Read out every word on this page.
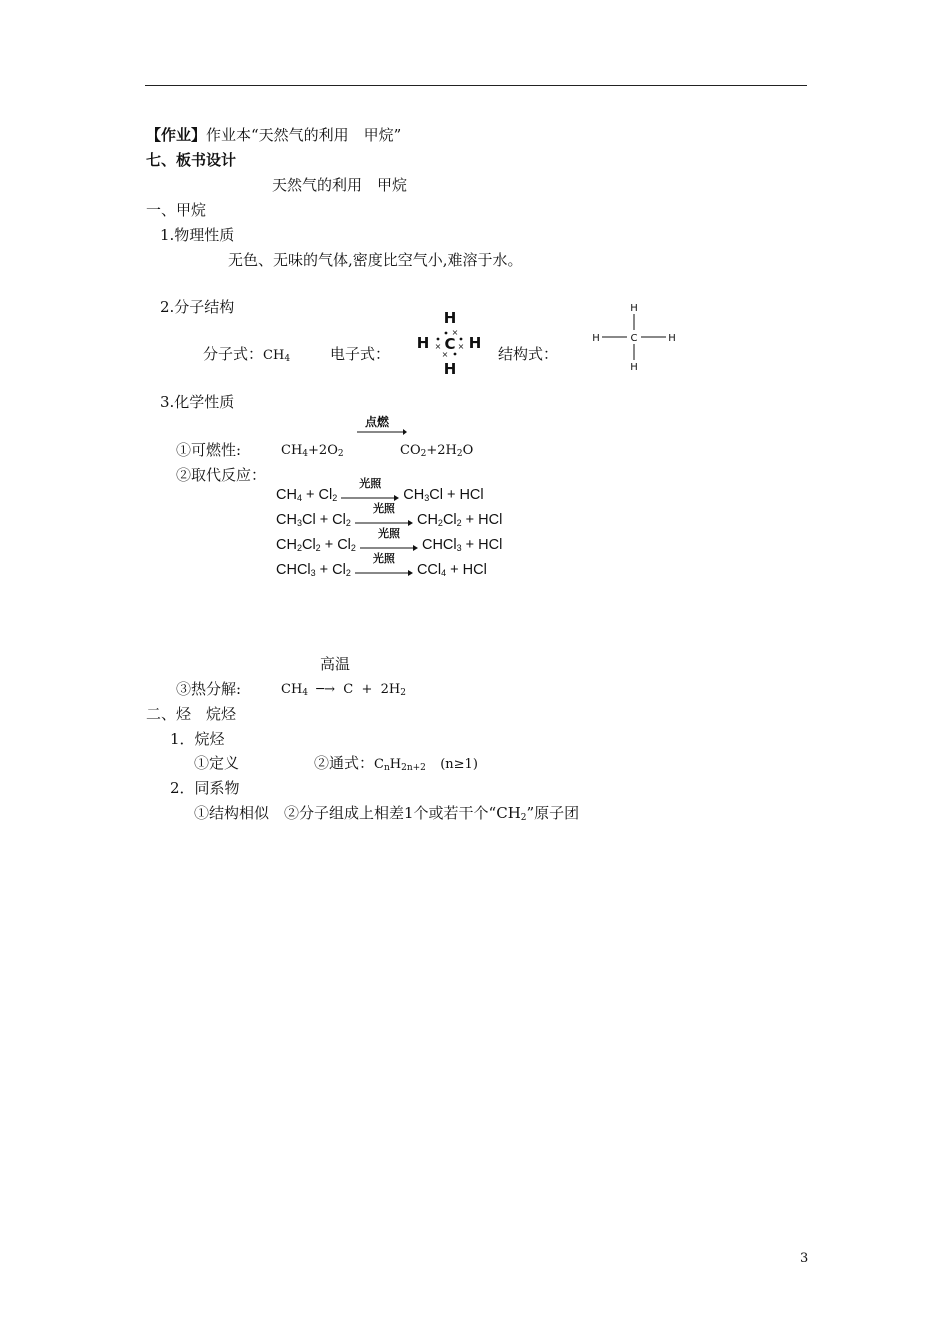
【作业】作业本“天然气的利用　甲烷”
七、板书设计
天然气的利用　甲烷
一、甲烷
1.物理性质
无色、无味的气体,密度比空气小,难溶于水。
2.分子结构
分子式：$CH_4$	电子式：
H
H C H
H
×
× ×
×	结构式：
H
H	C	H
H
3.化学性质
点燃
①可燃性:	$CH_4+2O_2$	$CO_2+2H_2O$
②取代反应：
$CH_4 + Cl_2$
光照
$CH_3Cl$ + HCl
$CH_3Cl + Cl_2$
光照
$CH_2Cl_2$ + HCl
$CH_2Cl_2 + Cl_2$
光照
CHCl$_3$ + HCl
CHCl$_3$ + $Cl_2$
光照
CCl$_4$ + HCl
高温
③热分解:	$CH_4$  ─→  $C + 2H_2$
二、烃　烷烃
1．烷烃
①定义	②通式：$C_nH_{2n+2}$ (n≥1)
2．同系物
①结构相似　②分子组成上相差1个或若干个“$CH_2$”原子团
3
